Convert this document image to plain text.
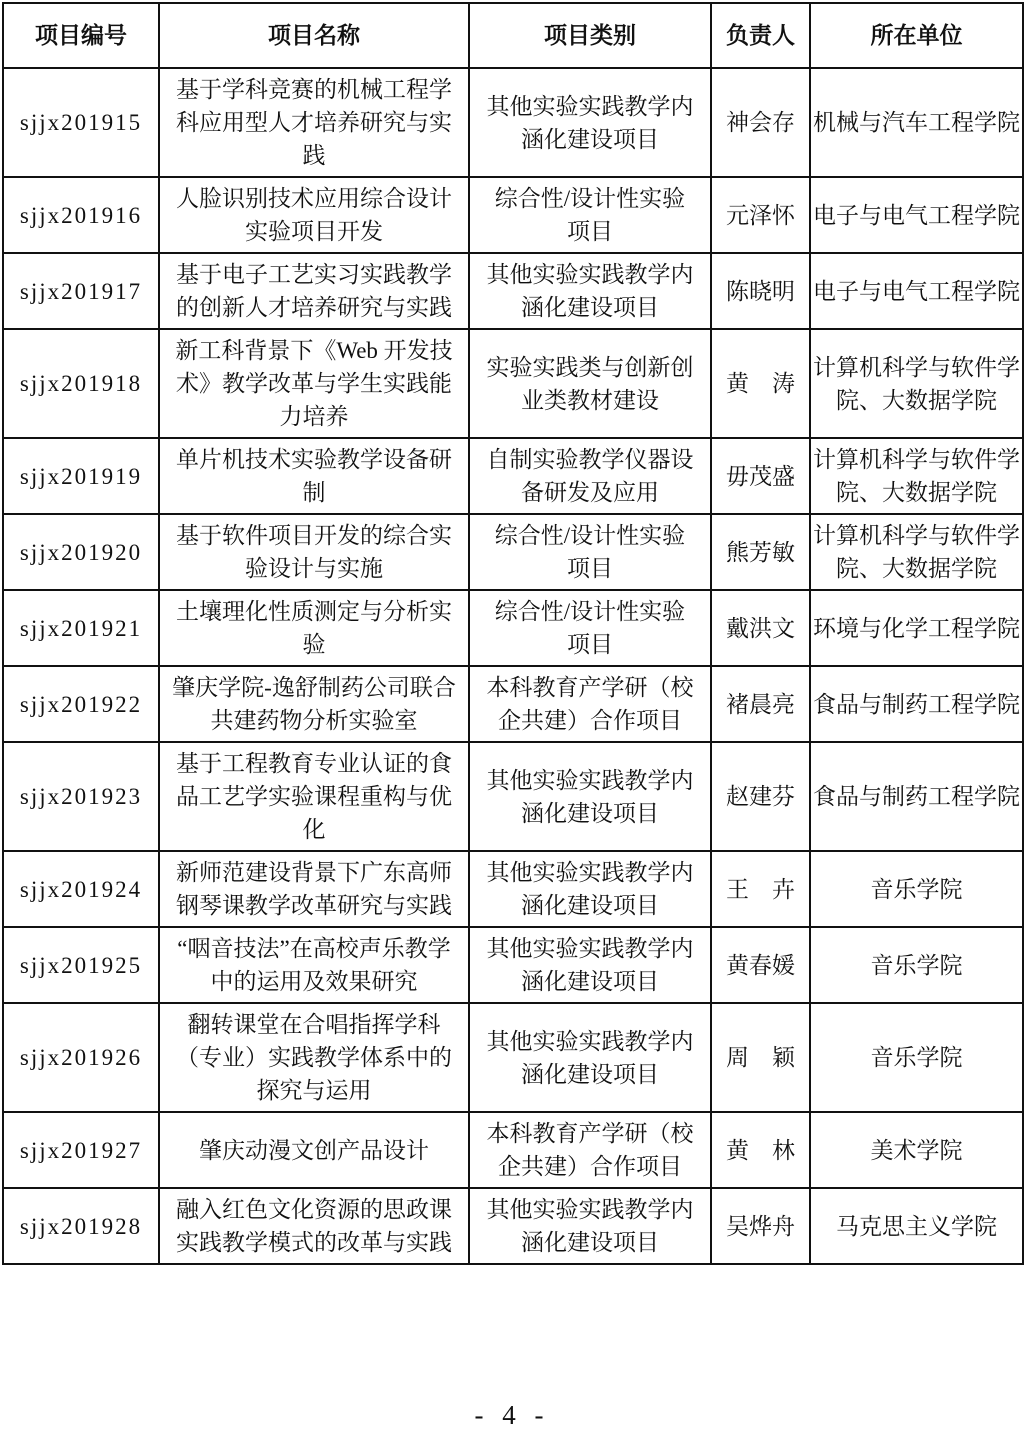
项目编号	项目名称	项目类别	负责人	所在单位
sjjx201915	基于学科竞赛的机械工程学科应用型人才培养研究与实践	其他实验实践教学内涵化建设项目	神会存	机械与汽车工程学院
sjjx201916	人脸识别技术应用综合设计实验项目开发	综合性/设计性实验项目	元泽怀	电子与电气工程学院
sjjx201917	基于电子工艺实习实践教学的创新人才培养研究与实践	其他实验实践教学内涵化建设项目	陈晓明	电子与电气工程学院
sjjx201918	新工科背景下《Web 开发技术》教学改革与学生实践能力培养	实验实践类与创新创业类教材建设	黄　涛	计算机科学与软件学院、大数据学院
sjjx201919	单片机技术实验教学设备研制	自制实验教学仪器设备研发及应用	毋茂盛	计算机科学与软件学院、大数据学院
sjjx201920	基于软件项目开发的综合实验设计与实施	综合性/设计性实验项目	熊芳敏	计算机科学与软件学院、大数据学院
sjjx201921	土壤理化性质测定与分析实验	综合性/设计性实验项目	戴洪文	环境与化学工程学院
sjjx201922	肇庆学院-逸舒制药公司联合共建药物分析实验室	本科教育产学研（校企共建）合作项目	褚晨亮	食品与制药工程学院
sjjx201923	基于工程教育专业认证的食品工艺学实验课程重构与优化	其他实验实践教学内涵化建设项目	赵建芬	食品与制药工程学院
sjjx201924	新师范建设背景下广东高师钢琴课教学改革研究与实践	其他实验实践教学内涵化建设项目	王　卉	音乐学院
sjjx201925	“咽音技法”在高校声乐教学中的运用及效果研究	其他实验实践教学内涵化建设项目	黄春媛	音乐学院
sjjx201926	翻转课堂在合唱指挥学科（专业）实践教学体系中的探究与运用	其他实验实践教学内涵化建设项目	周　颖	音乐学院
sjjx201927	肇庆动漫文创产品设计	本科教育产学研（校企共建）合作项目	黄　林	美术学院
sjjx201928	融入红色文化资源的思政课实践教学模式的改革与实践	其他实验实践教学内涵化建设项目	吴烨舟	马克思主义学院
- 4 -
